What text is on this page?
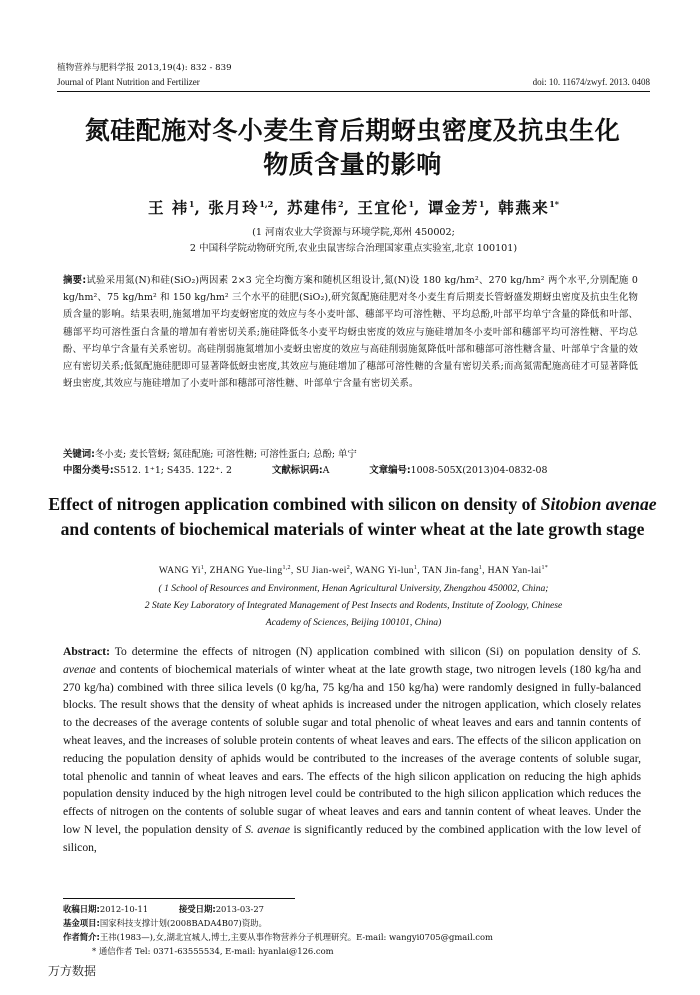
植物营养与肥料学报 2013,19(4): 832 - 839
Journal of Plant Nutrition and Fertilizer	doi: 10. 11674/zwyf. 2013. 0408
氮硅配施对冬小麦生育后期蚜虫密度及抗虫生化
物质含量的影响
王 祎$^1$, 张月玲$^{1,2}$, 苏建伟$^2$, 王宜伦$^1$, 谭金芳$^1$, 韩燕来$^{1*}$
(1 河南农业大学资源与环境学院,郑州 450002;
2 中国科学院动物研究所,农业虫鼠害综合治理国家重点实验室,北京 100101)
摘要:试验采用氮(N)和硅(SiO₂)两因素 2×3 完全均衡方案和随机区组设计,氮(N)设 180 kg/hm²、270 kg/hm² 两个水平,分别配施 0 kg/hm²、75 kg/hm² 和 150 kg/hm² 三个水平的硅肥(SiO₂),研究氮配施硅肥对冬小麦生育后期麦长管蚜盛发期蚜虫密度及抗虫生化物质含量的影响。结果表明,施氮增加平均麦蚜密度的效应与冬小麦叶部、穗部平均可溶性糖、平均总酚,叶部平均单宁含量的降低和叶部、穗部平均可溶性蛋白含量的增加有着密切关系;施硅降低冬小麦平均蚜虫密度的效应与施硅增加冬小麦叶部和穗部平均可溶性糖、平均总酚、平均单宁含量有关系密切。高硅削弱施氮增加小麦蚜虫密度的效应与高硅削弱施氮降低叶部和穗部可溶性糖含量、叶部单宁含量的效应有密切关系;低氮配施硅肥即可显著降低蚜虫密度,其效应与施硅增加了穗部可溶性糖的含量有密切关系;而高氮需配施高硅才可显著降低蚜虫密度,其效应与施硅增加了小麦叶部和穗部可溶性糖、叶部单宁含量有密切关系。
关键词:冬小麦; 麦长管蚜; 氮硅配施; 可溶性糖; 可溶性蛋白; 总酚; 单宁
中图分类号:S512. 1⁺1; S435. 122⁺. 2	文献标识码:A	文章编号:1008-505X(2013)04-0832-08
Effect of nitrogen application combined with silicon on density of Sitobion avenae
and contents of biochemical materials of winter wheat at the late growth stage
WANG Yi$^1$, ZHANG Yue-ling$^{1,2}$, SU Jian-wei$^2$, WANG Yi-lun$^1$, TAN Jin-fang$^1$, HAN Yan-lai$^{1*}$
( 1 School of Resources and Environment, Henan Agricultural University, Zhengzhou 450002, China;
2 State Key Laboratory of Integrated Management of Pest Insects and Rodents, Institute of Zoology, Chinese
Academy of Sciences, Beijing 100101, China)
Abstract: To determine the effects of nitrogen (N) application combined with silicon (Si) on population density of S. avenae and contents of biochemical materials of winter wheat at the late growth stage, two nitrogen levels (180 kg/ha and 270 kg/ha) combined with three silica levels (0 kg/ha, 75 kg/ha and 150 kg/ha) were randomly designed in fully-balanced blocks. The result shows that the density of wheat aphids is increased under the nitrogen application, which closely relates to the decreases of the average contents of soluble sugar and total phenolic of wheat leaves and ears and tannin contents of wheat leaves, and the increases of soluble protein contents of wheat leaves and ears. The effects of the silicon application on reducing the population density of aphids would be contributed to the increases of the average contents of soluble sugar, total phenolic and tannin of wheat leaves and ears. The effects of the high silicon application on reducing the high aphids population density induced by the high nitrogen level could be contributed to the high silicon application which reduces the effects of nitrogen on the contents of soluble sugar of wheat leaves and ears and tannin content of wheat leaves. Under the low N level, the population density of S. avenae is significantly reduced by the combined application with the low level of silicon,
收稿日期:2012-10-11	接受日期:2013-03-27
基金项目:国家科技支撑计划(2008BADA4B07)资助。
作者简介:王祎(1983—),女,湖北宜城人,博士,主要从事作物营养分子机理研究。E-mail: wangyi0705@gmail.com
* 通信作者 Tel: 0371-63555534, E-mail: hyanlai@126.com
万方数据
